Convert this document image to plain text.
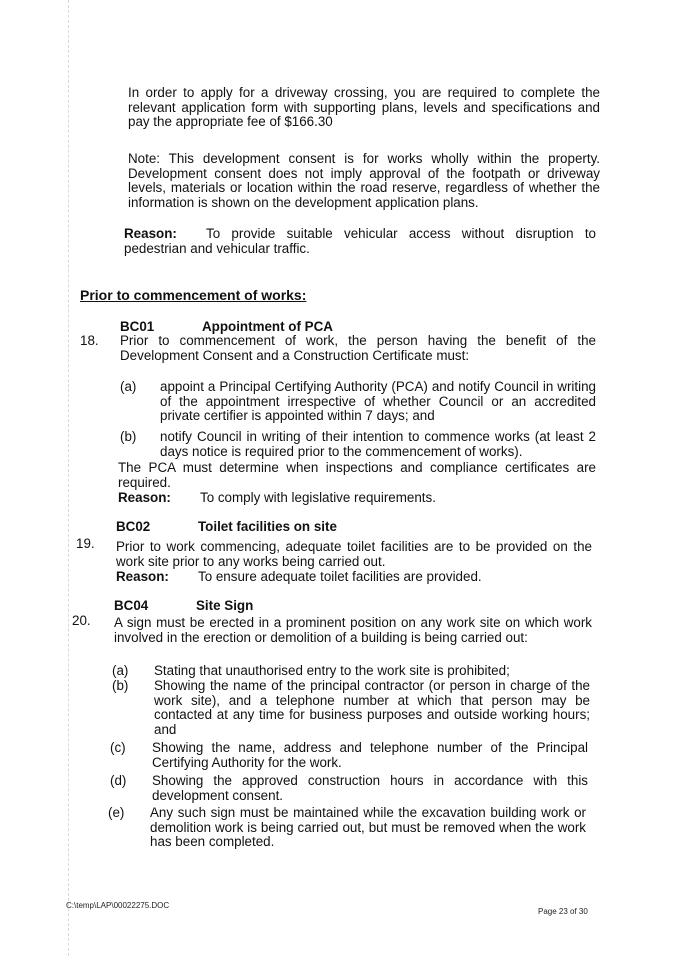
In order to apply for a driveway crossing, you are required to complete the relevant application form with supporting plans, levels and specifications and pay the appropriate fee of $166.30
Note: This development consent is for works wholly within the property. Development consent does not imply approval of the footpath or driveway levels, materials or location within the road reserve, regardless of whether the information is shown on the development application plans.
Reason:	To provide suitable vehicular access without disruption to pedestrian and vehicular traffic.
Prior to commencement of works:
BC01	Appointment of PCA
18. Prior to commencement of work, the person having the benefit of the Development Consent and a Construction Certificate must:
(a)	appoint a Principal Certifying Authority (PCA) and notify Council in writing of the appointment irrespective of whether Council or an accredited private certifier is appointed within 7 days; and
(b)	notify Council in writing of their intention to commence works (at least 2 days notice is required prior to the commencement of works).
The PCA must determine when inspections and compliance certificates are required.
Reason:	To comply with legislative requirements.
BC02	Toilet facilities on site
19. Prior to work commencing, adequate toilet facilities are to be provided on the work site prior to any works being carried out.
Reason:	To ensure adequate toilet facilities are provided.
BC04	Site Sign
20. A sign must be erected in a prominent position on any work site on which work involved in the erection or demolition of a building is being carried out:
(a)	Stating that unauthorised entry to the work site is prohibited;
(b)	Showing the name of the principal contractor (or person in charge of the work site), and a telephone number at which that person may be contacted at any time for business purposes and outside working hours; and
(c)	Showing the name, address and telephone number of the Principal Certifying Authority for the work.
(d)	Showing the approved construction hours in accordance with this development consent.
(e)	Any such sign must be maintained while the excavation building work or demolition work is being carried out, but must be removed when the work has been completed.
C:\temp\LAP\00022275.DOC
Page 23 of 30
